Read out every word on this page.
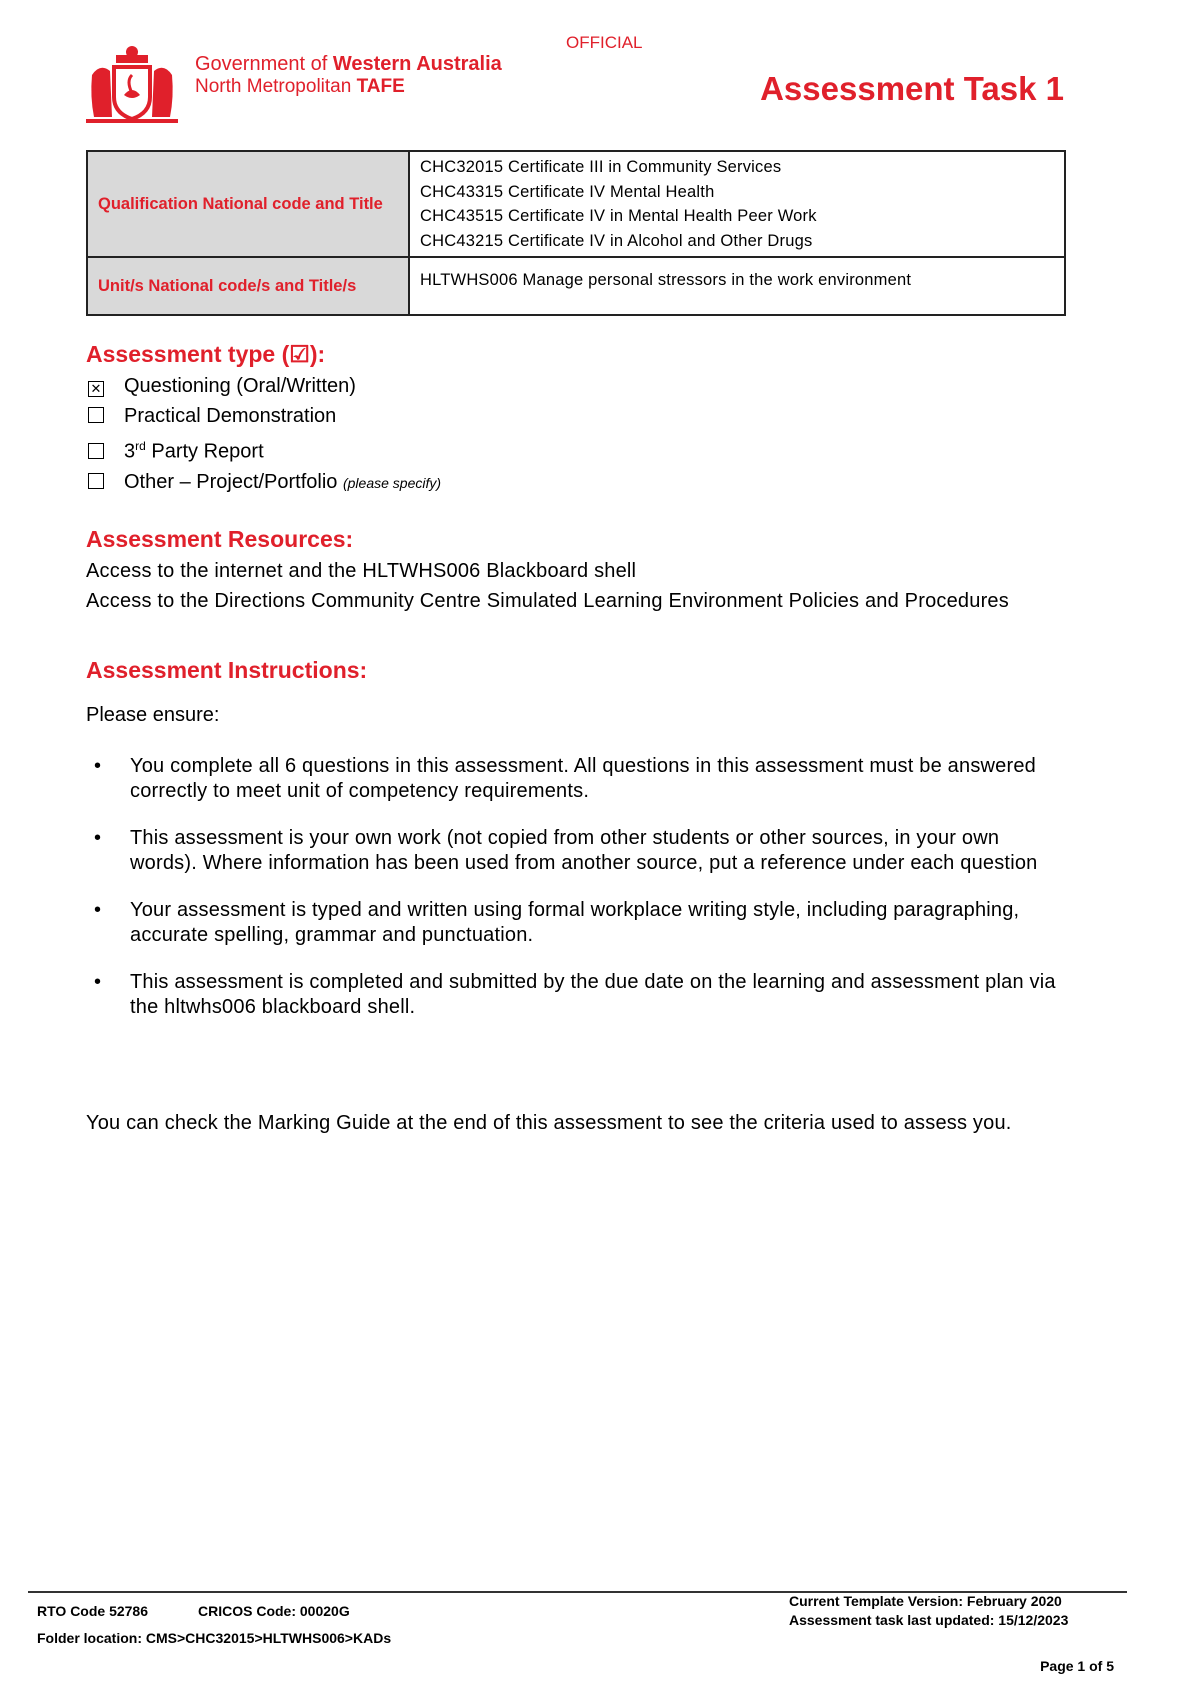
OFFICIAL
Government of Western Australia
North Metropolitan TAFE	Assessment Task 1
Qualification National code and Title	CHC32015 Certificate III in Community Services
CHC43315 Certificate IV Mental Health
CHC43515 Certificate IV in Mental Health Peer Work
CHC43215 Certificate IV in Alcohol and Other Drugs

Unit/s National code/s and Title/s	HLTWHS006 Manage personal stressors in the work environment
Assessment type (☑):
✕ Questioning (Oral/Written)
Practical Demonstration
3rd Party Report
Other – Project/Portfolio (please specify)
Assessment Resources:
Access to the internet and the HLTWHS006 Blackboard shell
Access to the Directions Community Centre Simulated Learning Environment Policies and Procedures
Assessment Instructions:
Please ensure:
• You complete all 6 questions in this assessment. All questions in this assessment must be answered correctly to meet unit of competency requirements.
• This assessment is your own work (not copied from other students or other sources, in your own words). Where information has been used from another source, put a reference under each question
• Your assessment is typed and written using formal workplace writing style, including paragraphing, accurate spelling, grammar and punctuation.
• This assessment is completed and submitted by the due date on the learning and assessment plan via the hltwhs006 blackboard shell.
You can check the Marking Guide at the end of this assessment to see the criteria used to assess you.
RTO Code 52786	CRICOS Code: 00020G
Folder location: CMS>CHC32015>HLTWHS006>KADs
Current Template Version: February 2020
Assessment task last updated: 15/12/2023
Page 1 of 5
